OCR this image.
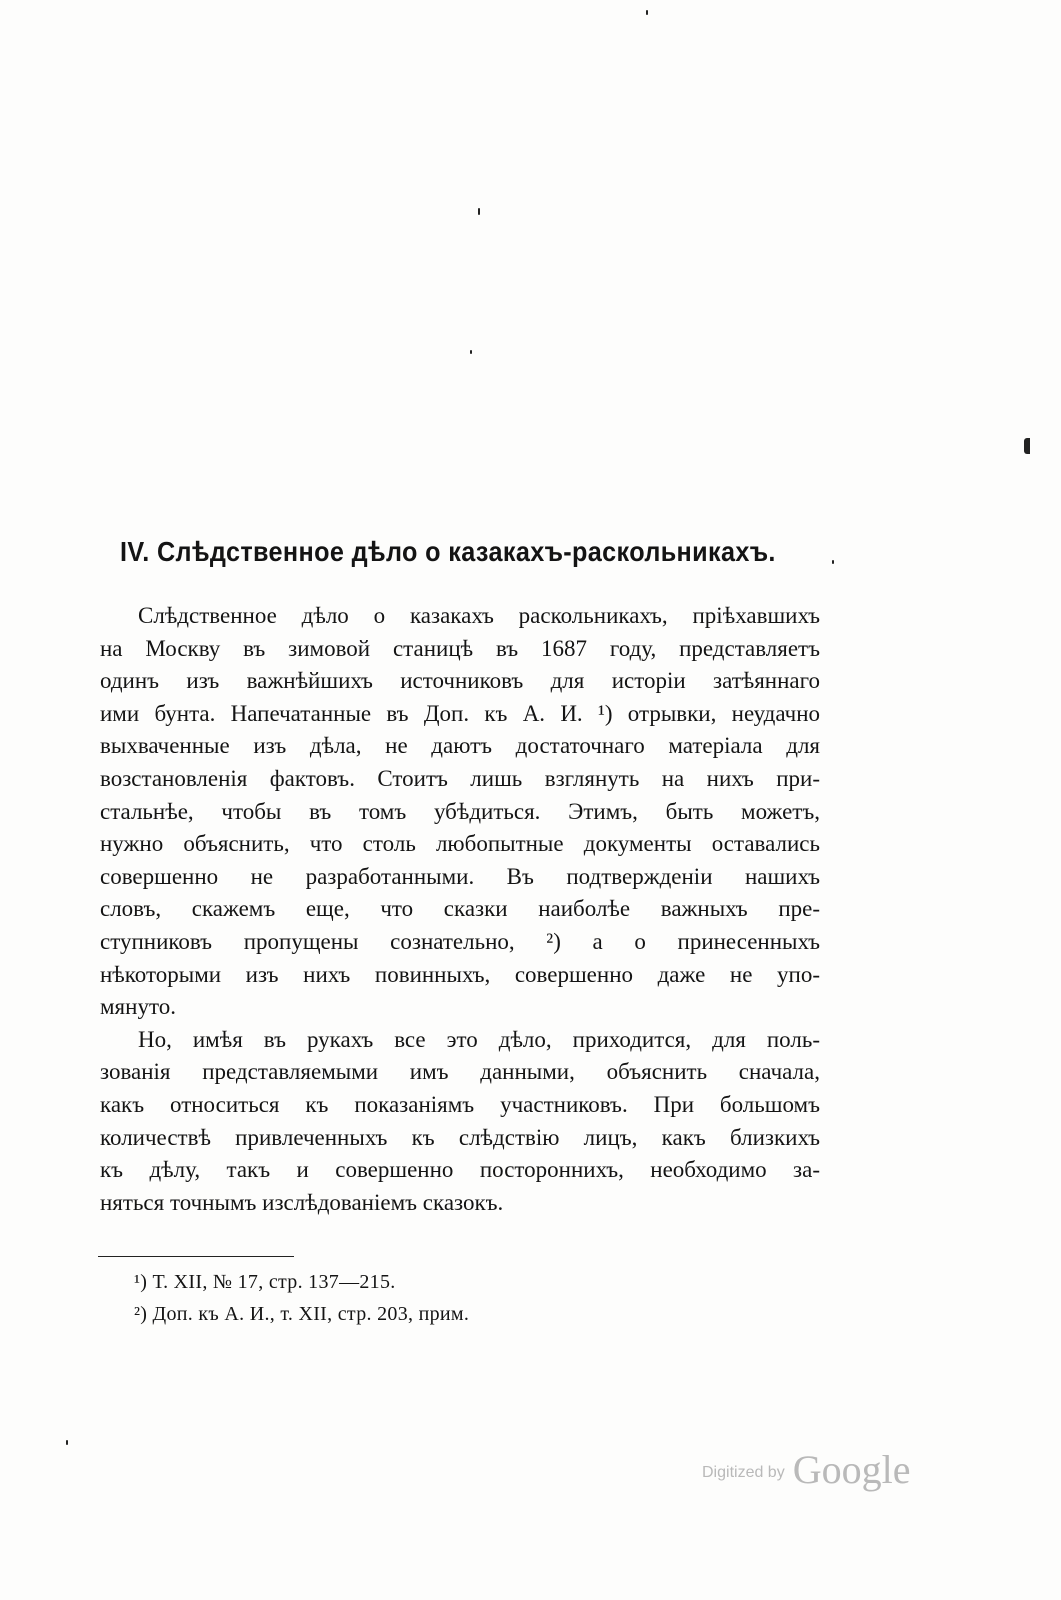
IV. Слѣдственное дѣло о казакахъ-раскольникахъ.
Слѣдственное дѣло о казакахъ раскольникахъ, пріѣхавшихъ
на Москву въ зимовой станицѣ въ 1687 году, представляетъ
одинъ изъ важнѣйшихъ источниковъ для исторіи затѣяннаго
ими бунта. Напечатанные въ Доп. къ А. И. ¹) отрывки, неудачно
выхваченные изъ дѣла, не даютъ достаточнаго матеріала для
возстановленія фактовъ. Стоитъ лишь взглянуть на нихъ при-
стальнѣе, чтобы въ томъ убѣдиться. Этимъ, быть можетъ,
нужно объяснить, что столь любопытные документы оставались
совершенно не разработанными. Въ подтвержденіи нашихъ
словъ, скажемъ еще, что сказки наиболѣе важныхъ пре-
ступниковъ пропущены сознательно, ²) а о принесенныхъ
нѣкоторыми изъ нихъ повинныхъ, совершенно даже не упо-
мянуто.
Но, имѣя въ рукахъ все это дѣло, приходится, для поль-
зованія представляемыми имъ данными, объяснить сначала,
какъ относиться къ показаніямъ участниковъ. При большомъ
количествѣ привлеченныхъ къ слѣдствію лицъ, какъ близкихъ
къ дѣлу, такъ и совершенно постороннихъ, необходимо за-
няться точнымъ изслѣдованіемъ сказокъ.
¹) Т. XII, № 17, стр. 137—215.
²) Доп. къ А. И., т. XII, стр. 203, прим.
Digitized by Google
